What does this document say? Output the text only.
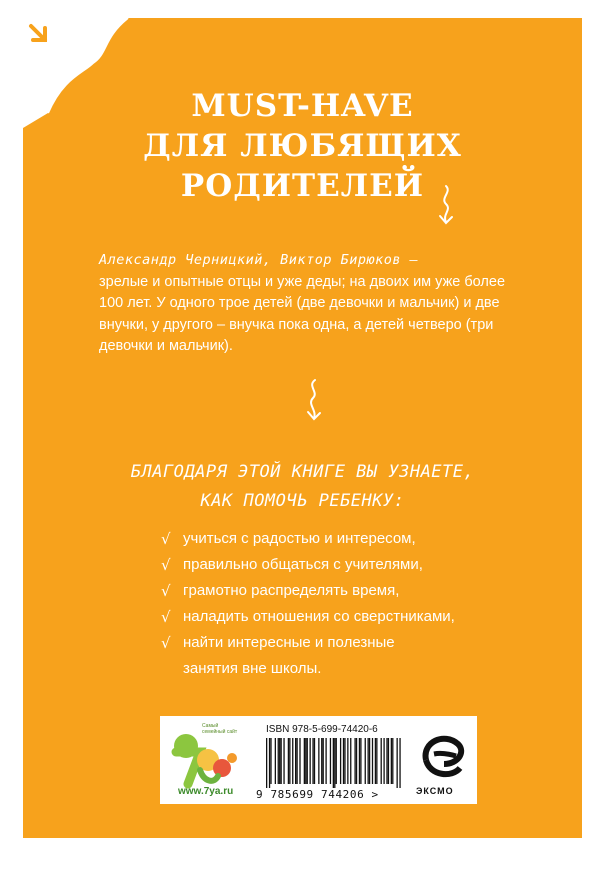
MUST-HAVE
ДЛЯ ЛЮБЯЩИХ
РОДИТЕЛЕЙ
Александр Черницкий, Виктор Бирюков –
зрелые и опытные отцы и уже деды; на двоих им уже более
100 лет. У одного трое детей (две девочки и мальчик) и две
внучки, у другого – внучка пока одна, а детей четверо (три
девочки и мальчик).
БЛАГОДАРЯ ЭТОЙ КНИГЕ ВЫ УЗНАЕТЕ,
КАК ПОМОЧЬ РЕБЕНКУ:
√ учиться с радостью и интересом,
√ правильно общаться с учителями,
√ грамотно распределять время,
√ наладить отношения со сверстниками,
√ найти интересные и полезные
занятия вне школы.
Самый семейный сайт
www.7ya.ru
ISBN 978-5-699-74420-6
9 785699 744206 >	ЭКСМО
